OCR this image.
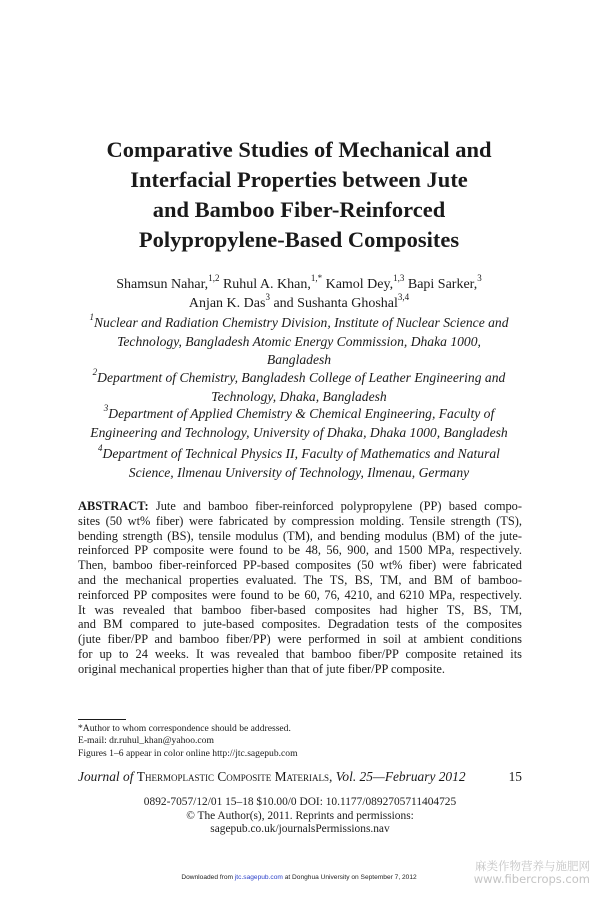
Comparative Studies of Mechanical and
Interfacial Properties between Jute
and Bamboo Fiber-Reinforced
Polypropylene-Based Composites
Shamsun Nahar,$^{1,2}$ Ruhul A. Khan,$^{1,*}$ Kamol Dey,$^{1,3}$ Bapi Sarker,$^3$
Anjan K. Das$^3$ and Sushanta Ghoshal$^{3,4}$
$^1$Nuclear and Radiation Chemistry Division, Institute of Nuclear Science and
Technology, Bangladesh Atomic Energy Commission, Dhaka 1000,
Bangladesh
$^2$Department of Chemistry, Bangladesh College of Leather Engineering and
Technology, Dhaka, Bangladesh
$^3$Department of Applied Chemistry & Chemical Engineering, Faculty of
Engineering and Technology, University of Dhaka, Dhaka 1000, Bangladesh
$^4$Department of Technical Physics II, Faculty of Mathematics and Natural
Science, Ilmenau University of Technology, Ilmenau, Germany
ABSTRACT: Jute and bamboo fiber-reinforced polypropylene (PP) based compo-
sites (50 wt% fiber) were fabricated by compression molding. Tensile strength (TS),
bending strength (BS), tensile modulus (TM), and bending modulus (BM) of the jute-
reinforced PP composite were found to be 48, 56, 900, and 1500 MPa, respectively.
Then, bamboo fiber-reinforced PP-based composites (50 wt% fiber) were fabricated
and the mechanical properties evaluated. The TS, BS, TM, and BM of bamboo-
reinforced PP composites were found to be 60, 76, 4210, and 6210 MPa, respectively.
It was revealed that bamboo fiber-based composites had higher TS, BS, TM,
and BM compared to jute-based composites. Degradation tests of the composites
(jute fiber/PP and bamboo fiber/PP) were performed in soil at ambient conditions
for up to 24 weeks. It was revealed that bamboo fiber/PP composite retained its
original mechanical properties higher than that of jute fiber/PP composite.
*Author to whom correspondence should be addressed.
E-mail: dr.ruhul_khan@yahoo.com
Figures 1–6 appear in color online http://jtc.sagepub.com
Journal of Thermoplastic Composite Materials, Vol. 25—February 2012	15
0892-7057/12/01 15–18 $10.00/0 DOI: 10.1177/0892705711404725
© The Author(s), 2011. Reprints and permissions:
sagepub.co.uk/journalsPermissions.nav
Downloaded from jtc.sagepub.com at Donghua University on September 7, 2012
麻类作物营养与施肥网
www.fibercrops.com
